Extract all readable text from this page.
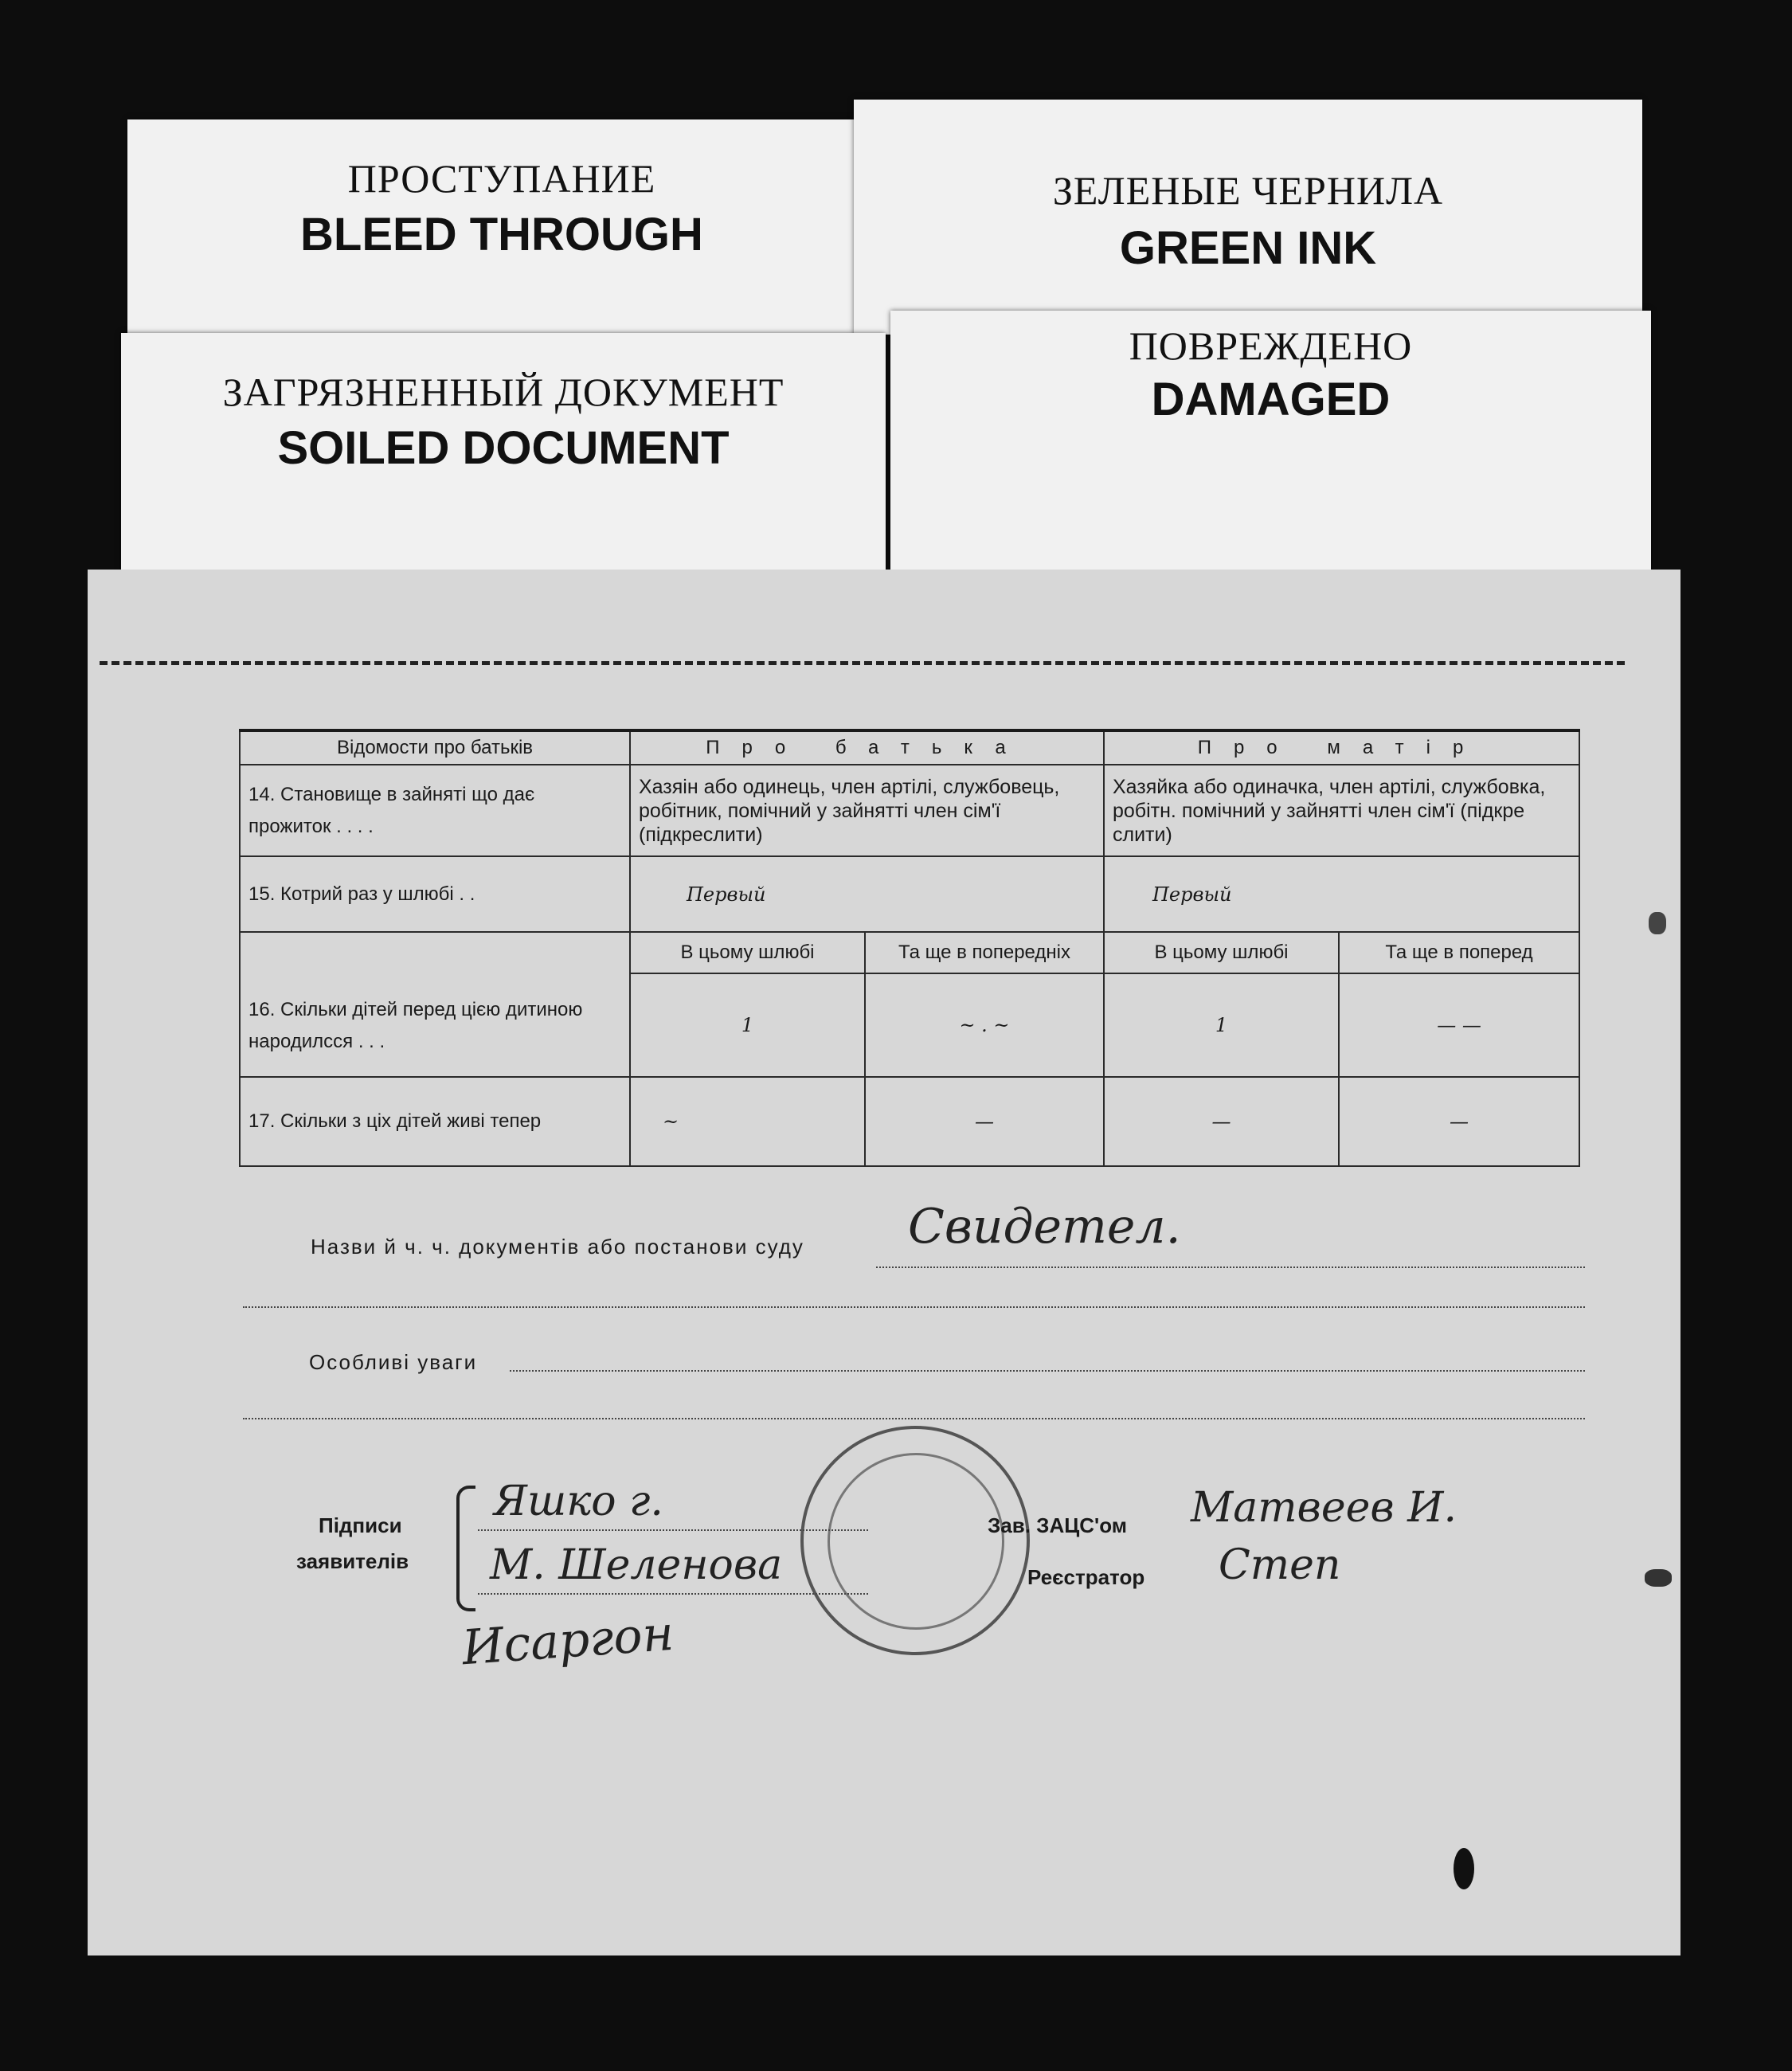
ПРОСТУПАНИЕ
BLEED THROUGH
ЗЕЛЕНЫЕ ЧЕРНИЛА
GREEN INK
ЗАГРЯЗНЕННЫЙ ДОКУМЕНТ
SOILED DOCUMENT
ПОВРЕЖДЕНО
DAMAGED
Відомости про батьків	Про батька		Про матір	
14. Становище в зайняті що дає прожиток . . . .	Хазяін або одинець, член артілі, службовець, робітник, помічний у зайнятті член сім'ї (підкреслити)		Хазяйка або одиначка, член артілі, службовка, робітн. помічний у зайнятті член сім'ї (підкре слити)	
15. Котрий раз у шлюбі . .	Первый		Первый	
16. Скільки дітей перед цією дитиною народилсся . . .	В цьому шлюбі	Та ще в попередніх	В цьому шлюбі	Та ще в поперед
	1	~ . ~	1	— —
17. Скільки з ціх дітей живі тепер	~	—	—	—
Назви й ч. ч. документів або постанови суду Свидетел.
Особливі уваги
Підписи
заявителів
Яшко г.
М. Шеленова
Исаргон
Зав. ЗАЦС'ом Матвеев И.
Реєстратор Степ
